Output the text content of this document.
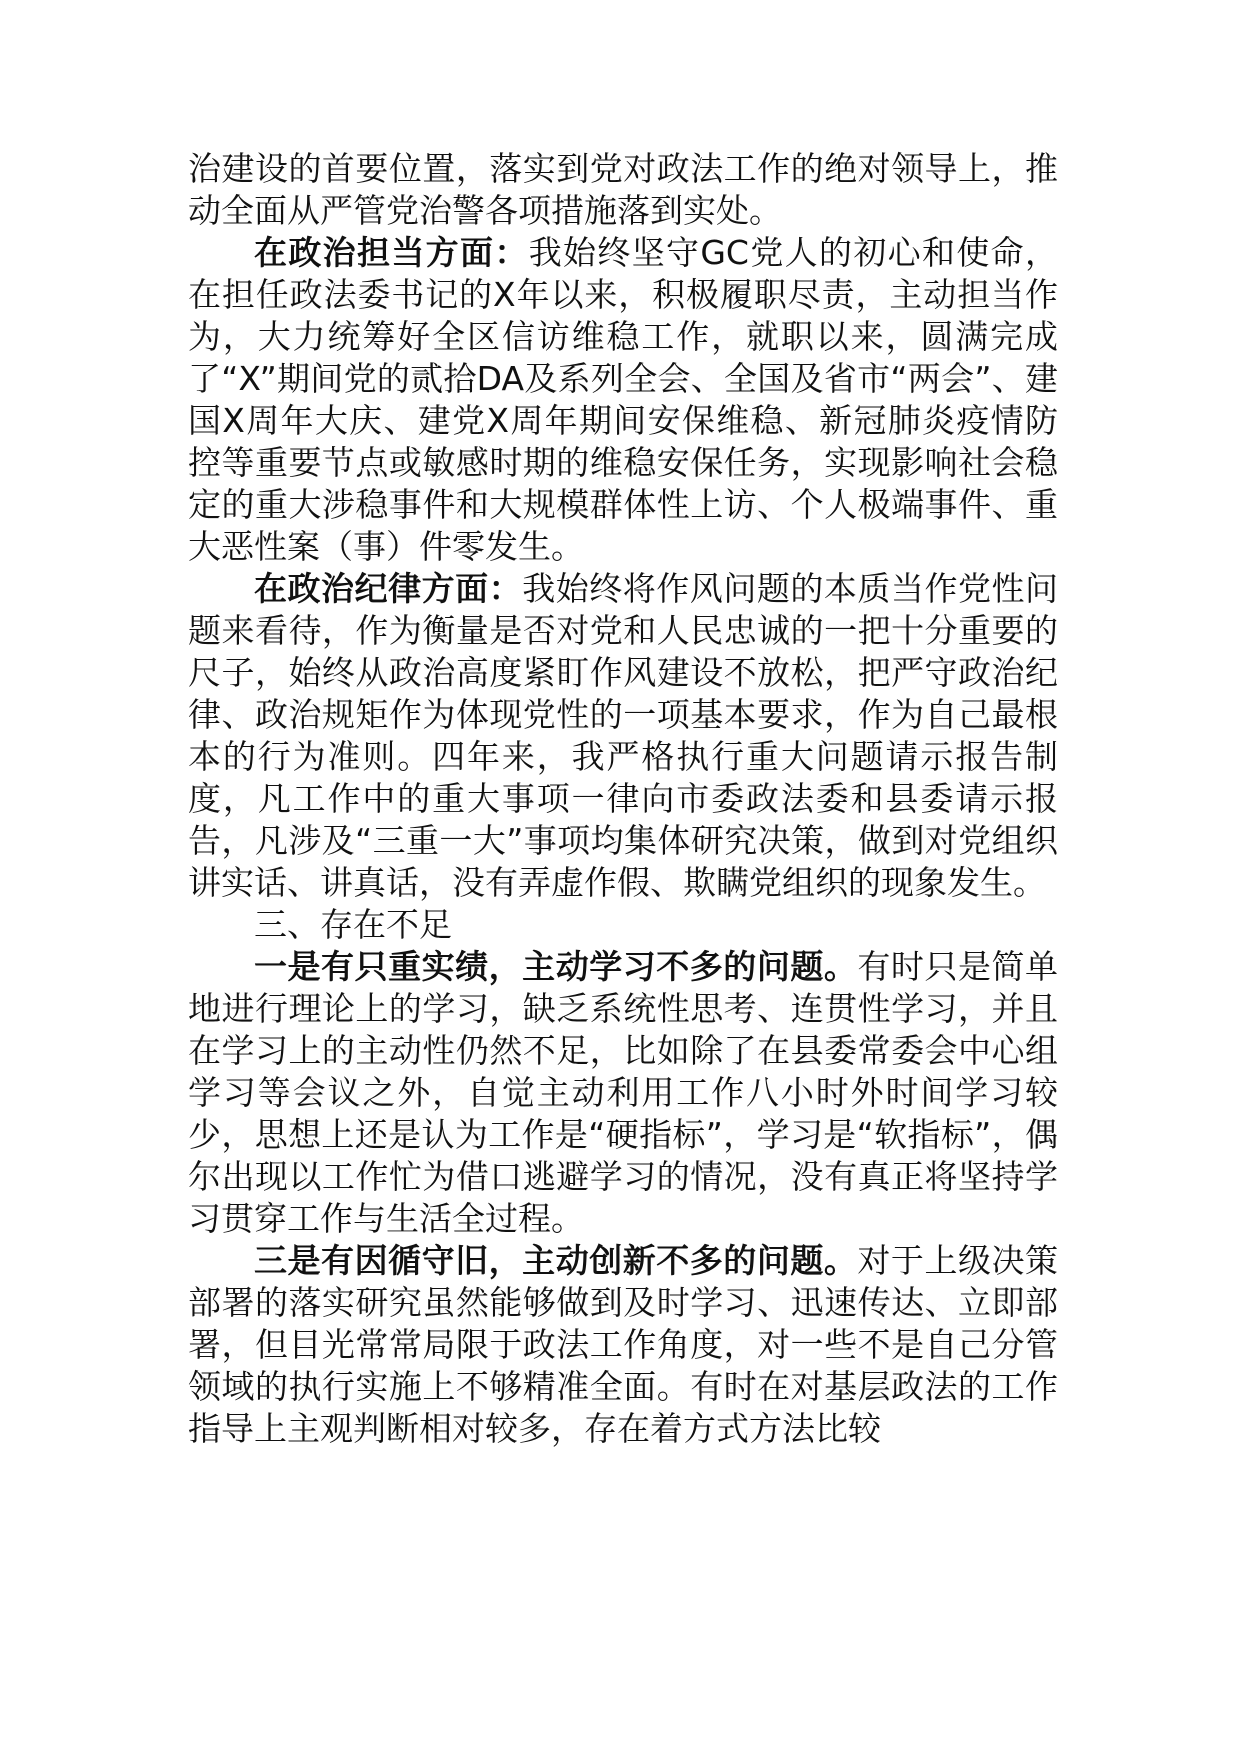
治建设的首要位置，落实到党对政法工作的绝对领导上，推动全面从严管党治警各项措施落到实处。

在政治担当方面：我始终坚守GC党人的初心和使命，在担任政法委书记的X年以来，积极履职尽责，主动担当作为，大力统筹好全区信访维稳工作，就职以来，圆满完成了“X”期间党的贰拾DA及系列全会、全国及省市“两会”、建国X周年大庆、建党X周年期间安保维稳、新冠肺炎疫情防控等重要节点或敏感时期的维稳安保任务，实现影响社会稳定的重大涉稳事件和大规模群体性上访、个人极端事件、重大恶性案（事）件零发生。

在政治纪律方面：我始终将作风问题的本质当作党性问题来看待，作为衡量是否对党和人民忠诚的一把十分重要的尺子，始终从政治高度紧盯作风建设不放松，把严守政治纪律、政治规矩作为体现党性的一项基本要求，作为自己最根本的行为准则。四年来，我严格执行重大问题请示报告制度，凡工作中的重大事项一律向市委政法委和县委请示报告，凡涉及“三重一大”事项均集体研究决策，做到对党组织讲实话、讲真话，没有弄虚作假、欺瞒党组织的现象发生。

三、存在不足

一是有只重实绩，主动学习不多的问题。有时只是简单地进行理论上的学习，缺乏系统性思考、连贯性学习，并且在学习上的主动性仍然不足，比如除了在县委常委会中心组学习等会议之外，自觉主动利用工作八小时外时间学习较少，思想上还是认为工作是“硬指标”，学习是“软指标”，偶尔出现以工作忙为借口逃避学习的情况，没有真正将坚持学习贯穿工作与生活全过程。

三是有因循守旧，主动创新不多的问题。对于上级决策部署的落实研究虽然能够做到及时学习、迅速传达、立即部署，但目光常常局限于政法工作角度，对一些不是自己分管领域的执行实施上不够精准全面。有时在对基层政法的工作指导上主观判断相对较多，存在着方式方法比较
